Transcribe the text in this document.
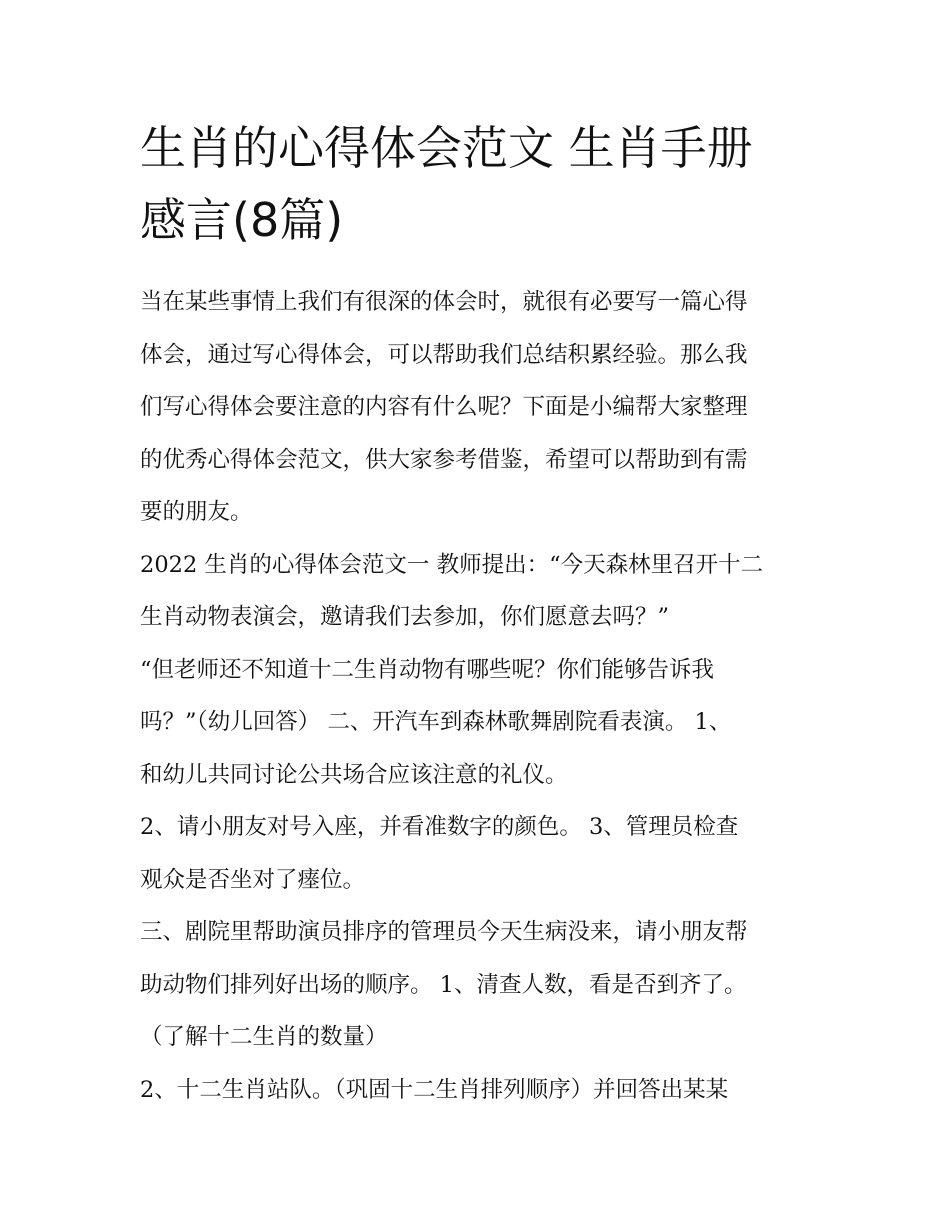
生肖的心得体会范文 生肖手册
感言(8篇)

当在某些事情上我们有很深的体会时，就很有必要写一篇心得
体会，通过写心得体会，可以帮助我们总结积累经验。那么我
们写心得体会要注意的内容有什么呢？下面是小编帮大家整理
的优秀心得体会范文，供大家参考借鉴，希望可以帮助到有需
要的朋友。

2022 生肖的心得体会范文一 教师提出：“今天森林里召开十二
生肖动物表演会，邀请我们去参加，你们愿意去吗？”

“但老师还不知道十二生肖动物有哪些呢？你们能够告诉我
吗？”（幼儿回答） 二、开汽车到森林歌舞剧院看表演。 1、
和幼儿共同讨论公共场合应该注意的礼仪。

2、请小朋友对号入座，并看准数字的颜色。 3、管理员检查
观众是否坐对了瘗位。

三、剧院里帮助演员排序的管理员今天生病没来，请小朋友帮
助动物们排列好出场的顺序。 1、清查人数，看是否到齐了。
（了解十二生肖的数量）

2、十二生肖站队。（巩固十二生肖排列顺序）并回答出某某
